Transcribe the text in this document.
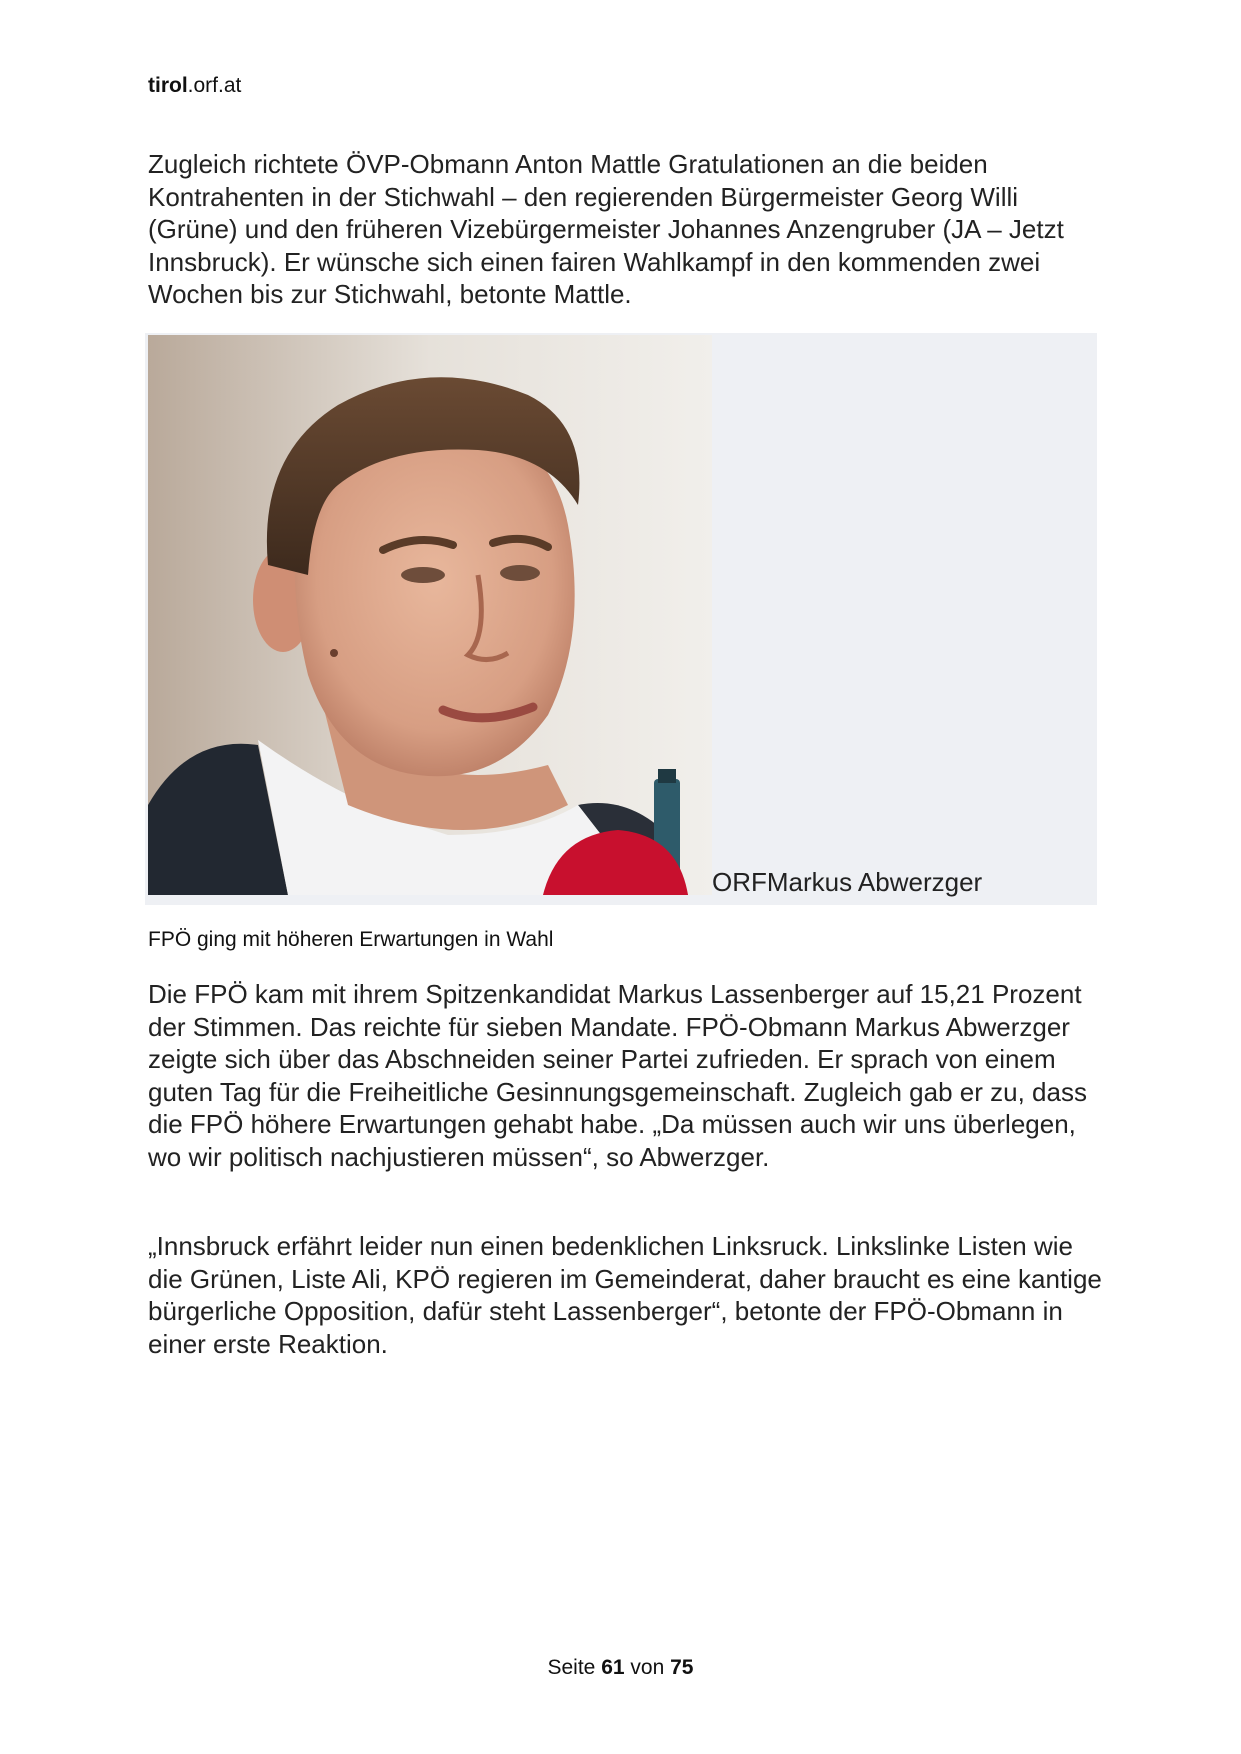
tirol.orf.at

Zugleich richtete ÖVP-Obmann Anton Mattle Gratulationen an die beiden Kontrahenten in der Stichwahl – den regierenden Bürgermeister Georg Willi (Grüne) und den früheren Vizebürgermeister Johannes Anzengruber (JA – Jetzt Innsbruck). Er wünsche sich einen fairen Wahlkampf in den kommenden zwei Wochen bis zur Stichwahl, betonte Mattle.

ORFMarkus Abwerzger
FPÖ ging mit höheren Erwartungen in Wahl

Die FPÖ kam mit ihrem Spitzenkandidat Markus Lassenberger auf 15,21 Prozent der Stimmen. Das reichte für sieben Mandate. FPÖ-Obmann Markus Abwerzger zeigte sich über das Abschneiden seiner Partei zufrieden. Er sprach von einem guten Tag für die Freiheitliche Gesinnungsgemeinschaft. Zugleich gab er zu, dass die FPÖ höhere Erwartungen gehabt habe. „Da müssen auch wir uns überlegen, wo wir politisch nachjustieren müssen“, so Abwerzger.

„Innsbruck erfährt leider nun einen bedenklichen Linksruck. Linkslinke Listen wie die Grünen, Liste Ali, KPÖ regieren im Gemeinderat, daher braucht es eine kantige bürgerliche Opposition, dafür steht Lassenberger“, betonte der FPÖ-Obmann in einer erste Reaktion.

Seite 61 von 75
